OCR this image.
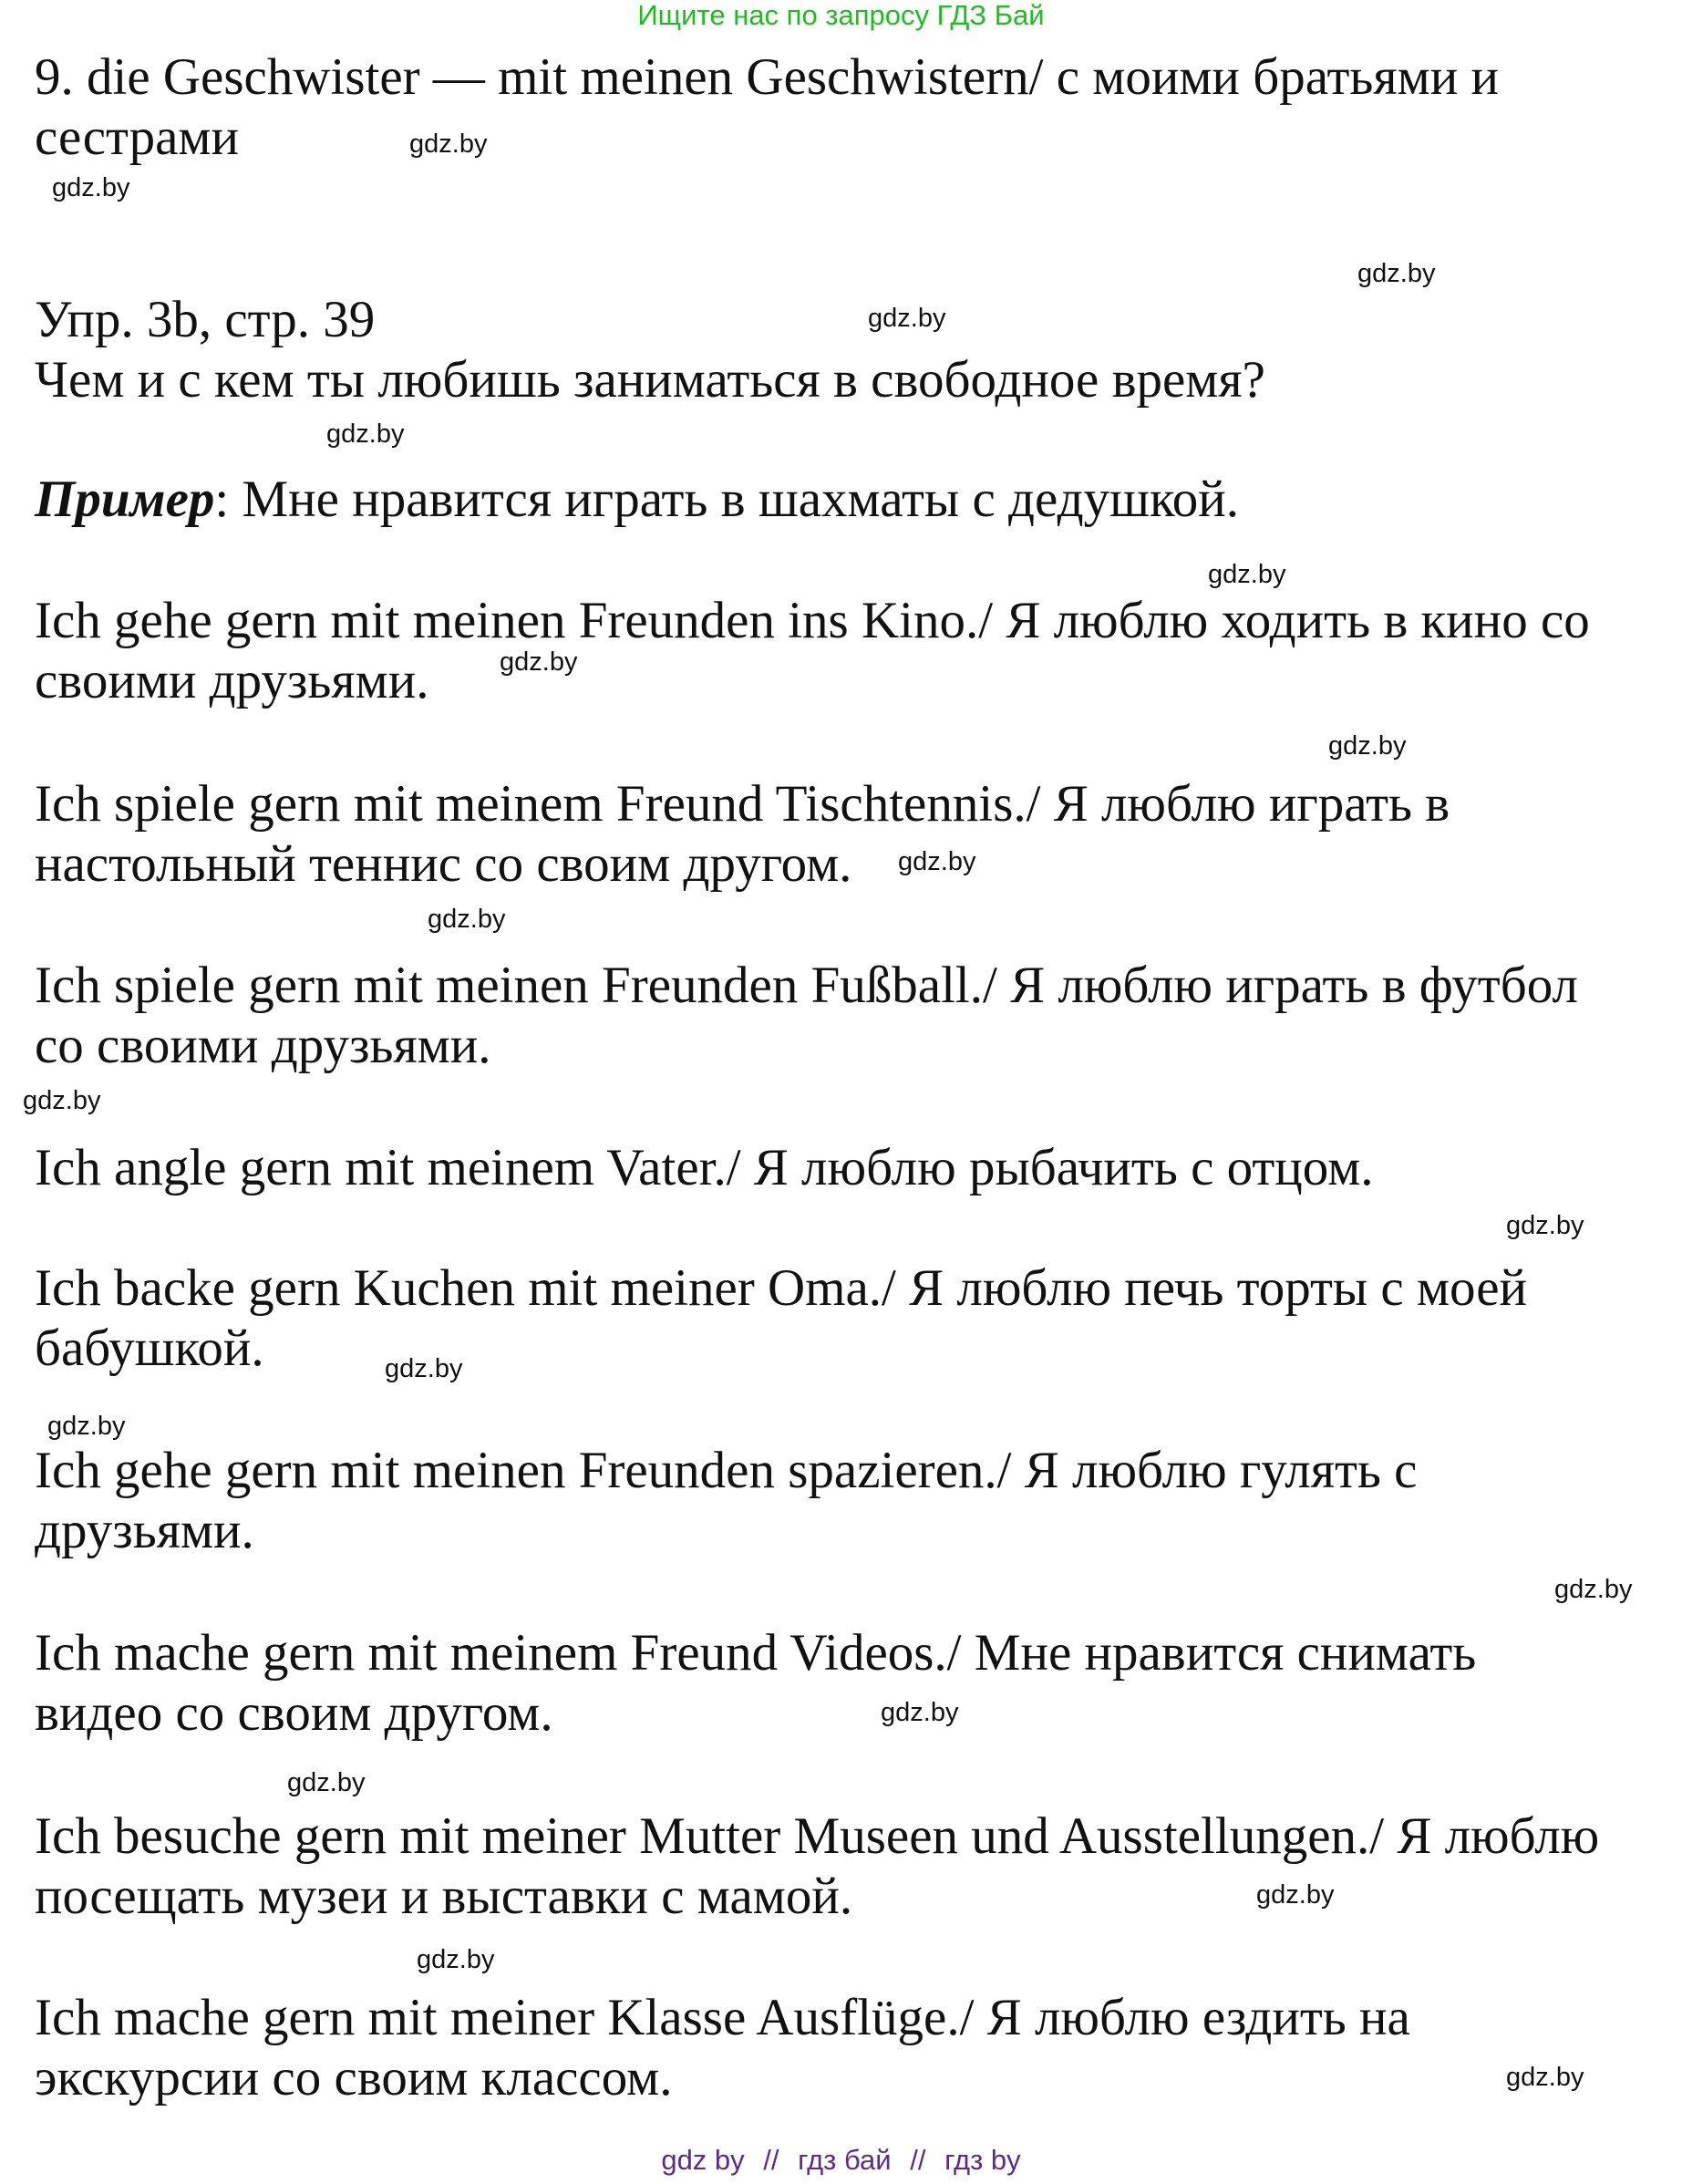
Ищите нас по запросу ГДЗ Бай
9. die Geschwister — mit meinen Geschwistern/ с моими братьями и
сестрами
Упр. 3b, стр. 39
Чем и с кем ты любишь заниматься в свободное время?
Пример: Мне нравится играть в шахматы с дедушкой.
Ich gehe gern mit meinen Freunden ins Kino./ Я люблю ходить в кино со
своими друзьями.
Ich spiele gern mit meinem Freund Tischtennis./ Я люблю играть в
настольный теннис со своим другом.
Ich spiele gern mit meinen Freunden Fußball./ Я люблю играть в футбол
со своими друзьями.
Ich angle gern mit meinem Vater./ Я люблю рыбачить с отцом.
Ich backe gern Kuchen mit meiner Oma./ Я люблю печь торты с моей
бабушкой.
Ich gehe gern mit meinen Freunden spazieren./ Я люблю гулять с
друзьями.
Ich mache gern mit meinem Freund Videos./ Мне нравится снимать
видео со своим другом.
Ich besuche gern mit meiner Mutter Museen und Ausstellungen./ Я люблю
посещать музеи и выставки с мамой.
Ich mache gern mit meiner Klasse Ausflüge./ Я люблю ездить на
экскурсии со своим классом.
gdz.by
gdz.by
gdz.by
gdz.by
gdz.by
gdz.by
gdz.by
gdz.by
gdz.by
gdz.by
gdz.by
gdz.by
gdz.by
gdz.by
gdz.by
gdz.by
gdz.by
gdz.by
gdz.by
gdz.by
gdz by // гдз бай // гдз by
